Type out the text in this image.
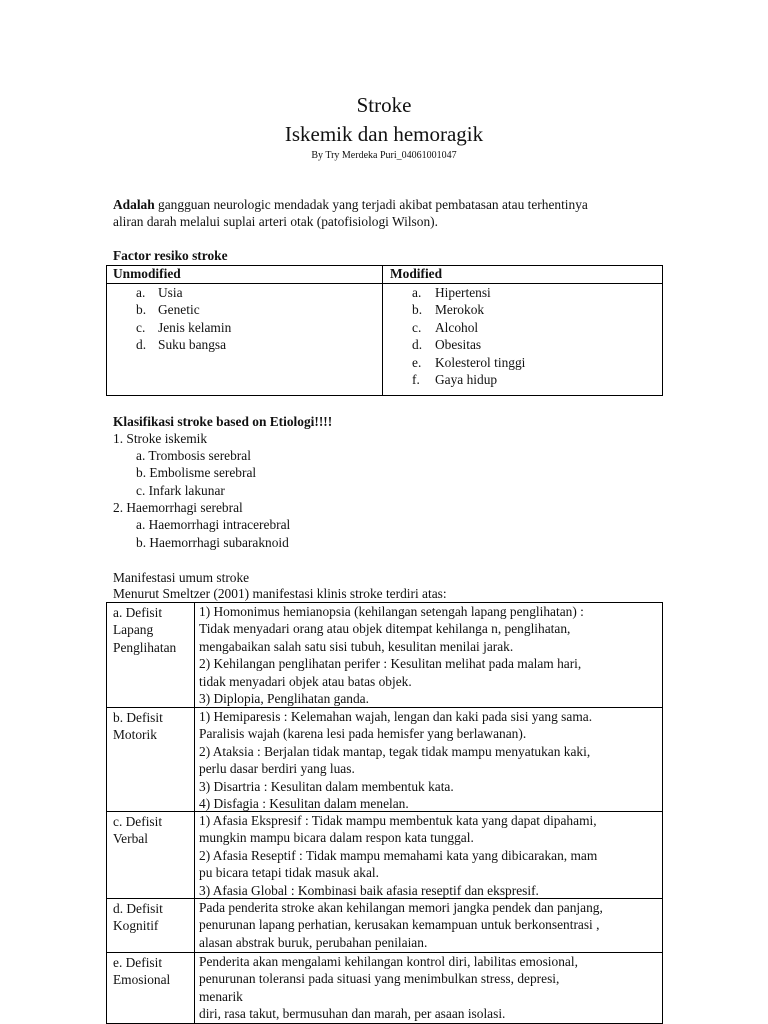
Stroke
Iskemik dan hemoragik
By Try Merdeka Puri_04061001047
Adalah gangguan neurologic mendadak yang terjadi akibat pembatasan atau terhentinya
aliran darah melalui suplai arteri otak (patofisiologi Wilson).
Factor resiko stroke
Unmodified	Modified
a. Usia
b. Genetic
c. Jenis kelamin
d. Suku bangsa
a. Hipertensi
b. Merokok
c. Alcohol
d. Obesitas
e. Kolesterol tinggi
f. Gaya hidup
Klasifikasi stroke based on Etiologi!!!!
1. Stroke iskemik
a. Trombosis serebral
b. Embolisme serebral
c. Infark lakunar
2. Haemorrhagi serebral
a. Haemorrhagi intracerebral
b. Haemorrhagi subaraknoid
Manifestasi umum stroke
Menurut Smeltzer (2001) manifestasi klinis stroke terdiri atas:
a. Defisit
Lapang
Penglihatan
1) Homonimus hemianopsia (kehilangan setengah lapang penglihatan) :
Tidak menyadari orang atau objek ditempat kehilanga n, penglihatan,
mengabaikan salah satu sisi tubuh, kesulitan menilai jarak.
2) Kehilangan penglihatan perifer : Kesulitan melihat pada malam hari,
tidak menyadari objek atau batas objek.
3) Diplopia, Penglihatan ganda.
b. Defisit
Motorik
1) Hemiparesis : Kelemahan wajah, lengan dan kaki pada sisi yang sama.
Paralisis wajah (karena lesi pada hemisfer yang berlawanan).
2) Ataksia : Berjalan tidak mantap, tegak tidak mampu menyatukan kaki,
perlu dasar berdiri yang luas.
3) Disartria : Kesulitan dalam membentuk kata.
4) Disfagia : Kesulitan dalam menelan.
c. Defisit
Verbal
1) Afasia Ekspresif : Tidak mampu membentuk kata yang dapat dipahami,
mungkin mampu bicara dalam respon kata tunggal.
2) Afasia Reseptif : Tidak mampu memahami kata yang dibicarakan, mam
pu bicara tetapi tidak masuk akal.
3) Afasia Global : Kombinasi baik afasia reseptif dan ekspresif.
d. Defisit
Kognitif
Pada penderita stroke akan kehilangan memori jangka pendek dan panjang,
penurunan lapang perhatian, kerusakan kemampuan untuk berkonsentrasi ,
alasan abstrak buruk, perubahan penilaian.
e. Defisit
Emosional
Penderita akan mengalami kehilangan kontrol diri, labilitas emosional,
penurunan toleransi pada situasi yang menimbulkan stress, depresi,
menarik
diri, rasa takut, bermusuhan dan marah, per asaan isolasi.
